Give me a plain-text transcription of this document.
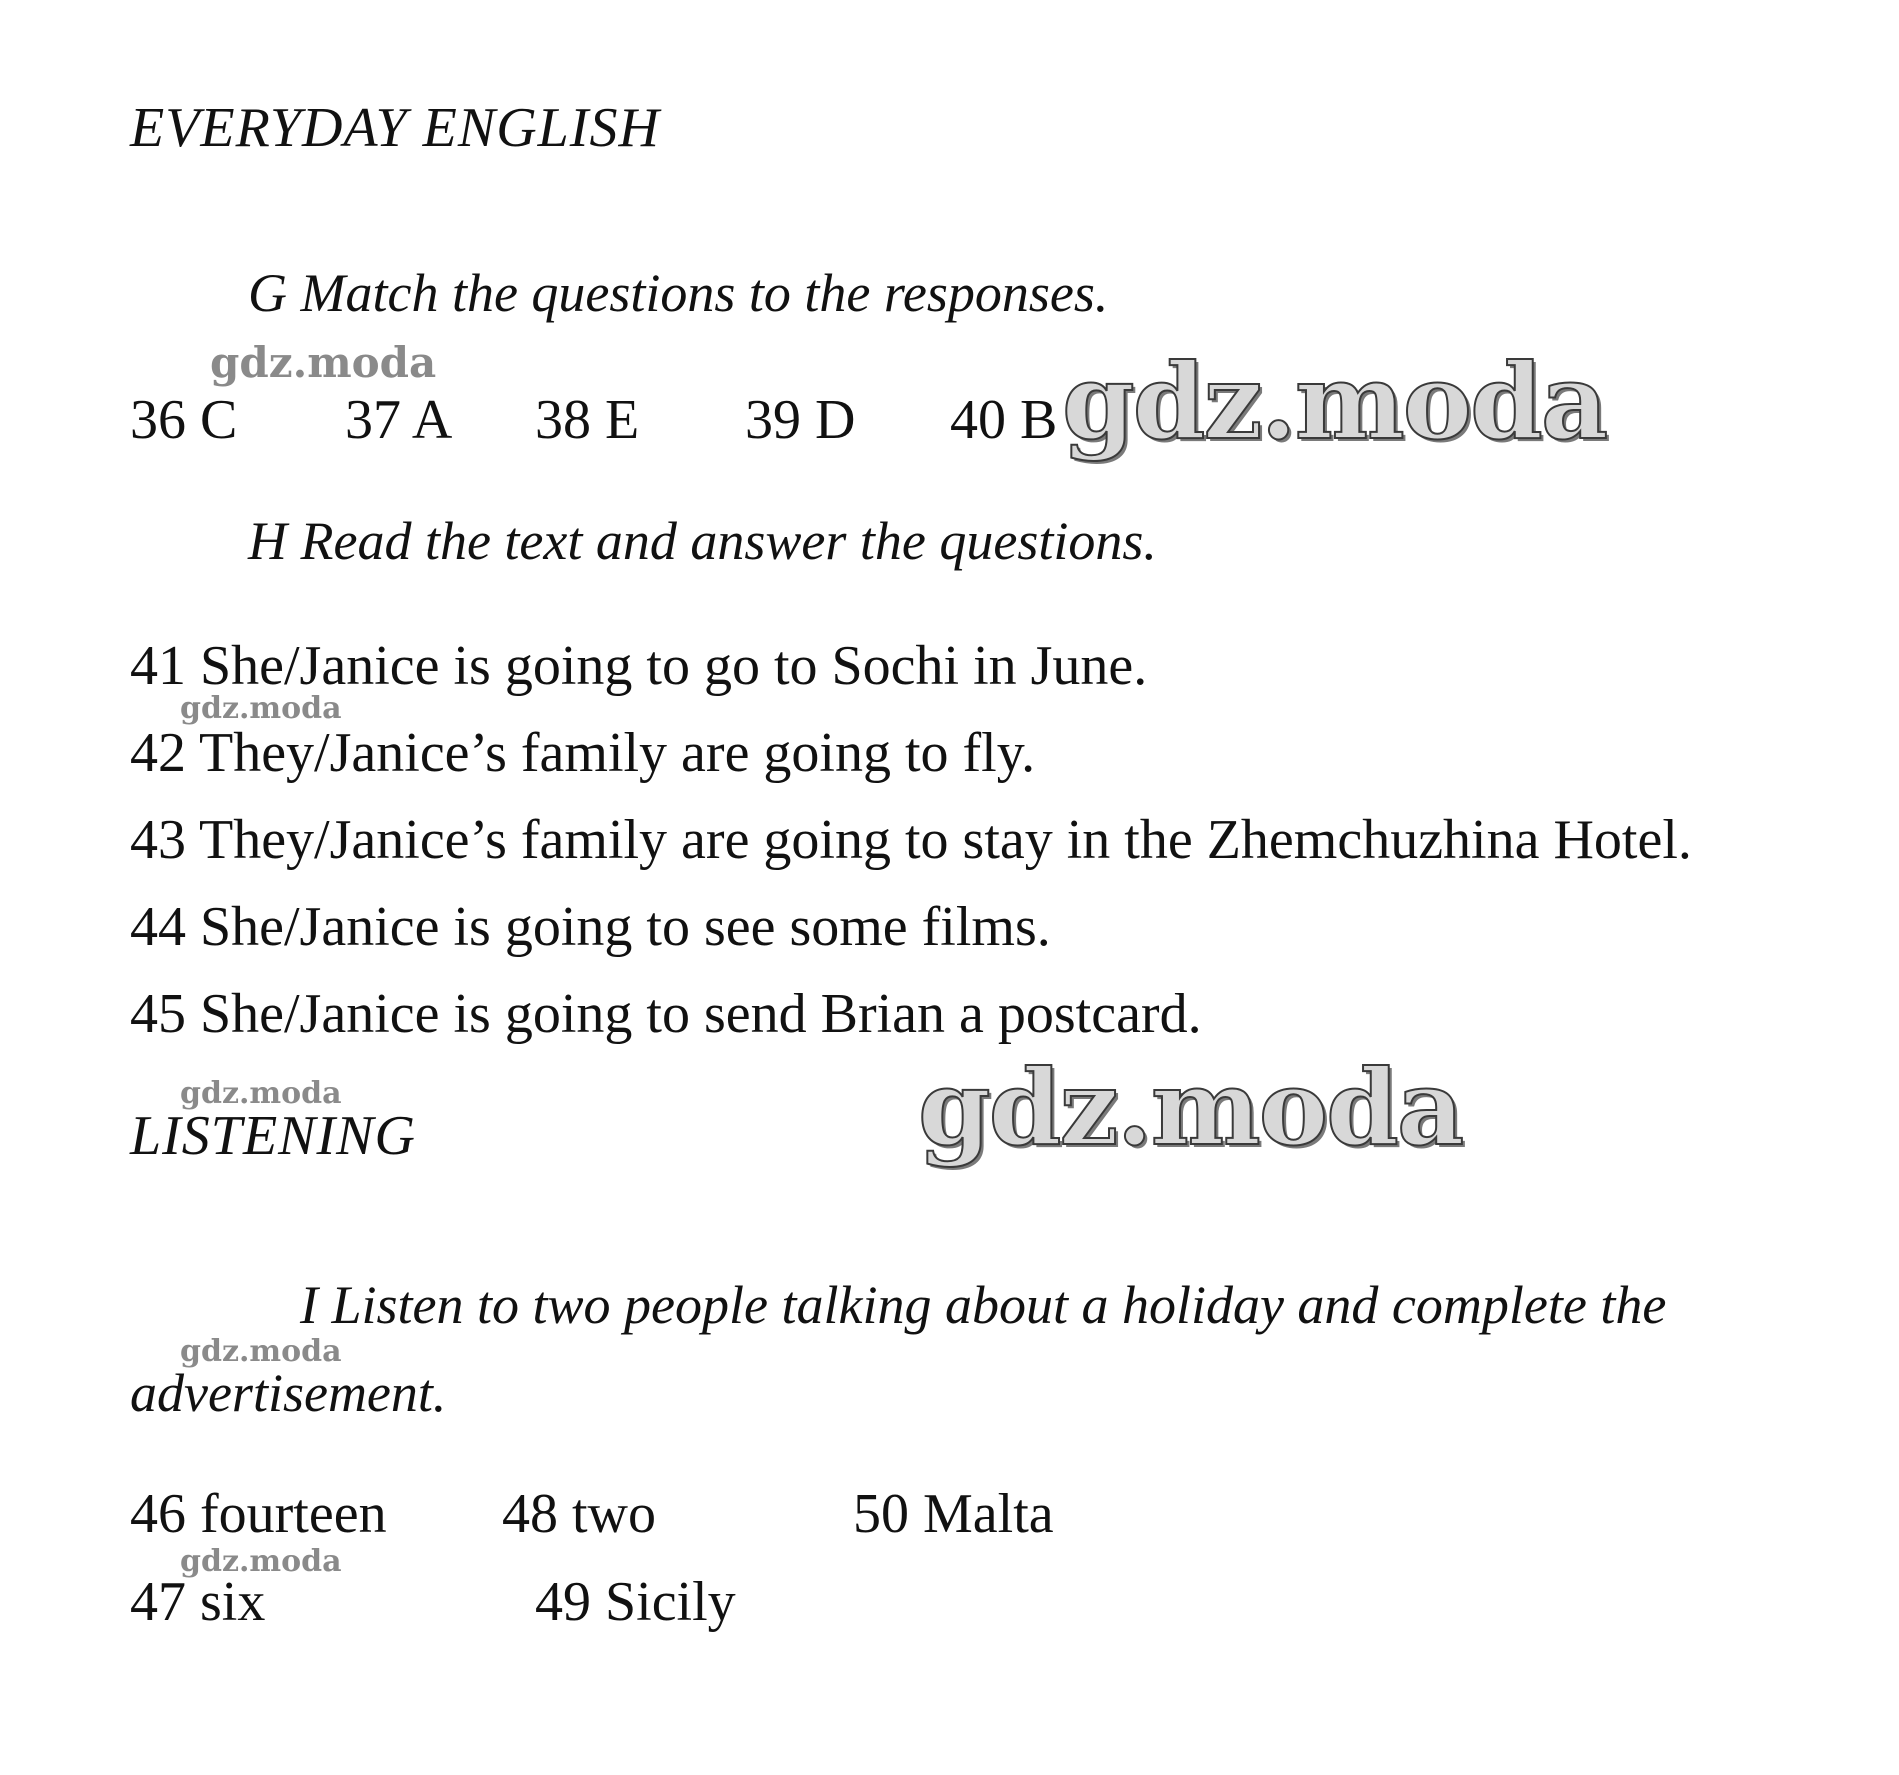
EVERYDAY ENGLISH
G Match the questions to the responses.
gdz.moda
36 C 37 A 38 E 39 D 40 B gdz.moda
H Read the text and answer the questions.
41 She/Janice is going to go to Sochi in June.
gdz.moda
42 They/Janice’s family are going to fly.
43 They/Janice’s family are going to stay in the Zhemchuzhina Hotel.
44 She/Janice is going to see some films.
45 She/Janice is going to send Brian a postcard.
gdz.moda
LISTENING	gdz.moda
I Listen to two people talking about a holiday and complete the
gdz.moda
advertisement.
46 fourteen 48 two	50 Malta
gdz.moda
47 six	49 Sicily
